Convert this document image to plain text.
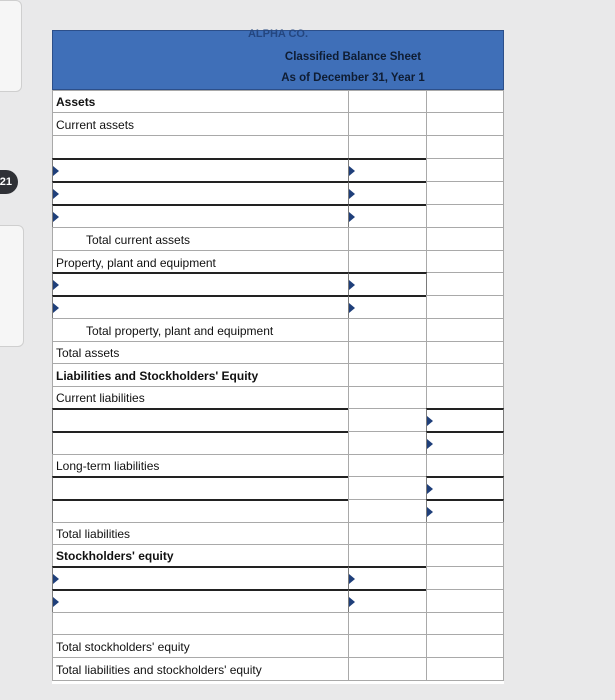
21
ALPHA CO.
Classified Balance Sheet
As of December 31, Year 1
Assets
Current assets
Total current assets
Property, plant and equipment
Total property, plant and equipment
Total assets
Liabilities and Stockholders' Equity
Current liabilities
Long-term liabilities
Total liabilities
Stockholders' equity
Total stockholders' equity
Total liabilities and stockholders' equity
